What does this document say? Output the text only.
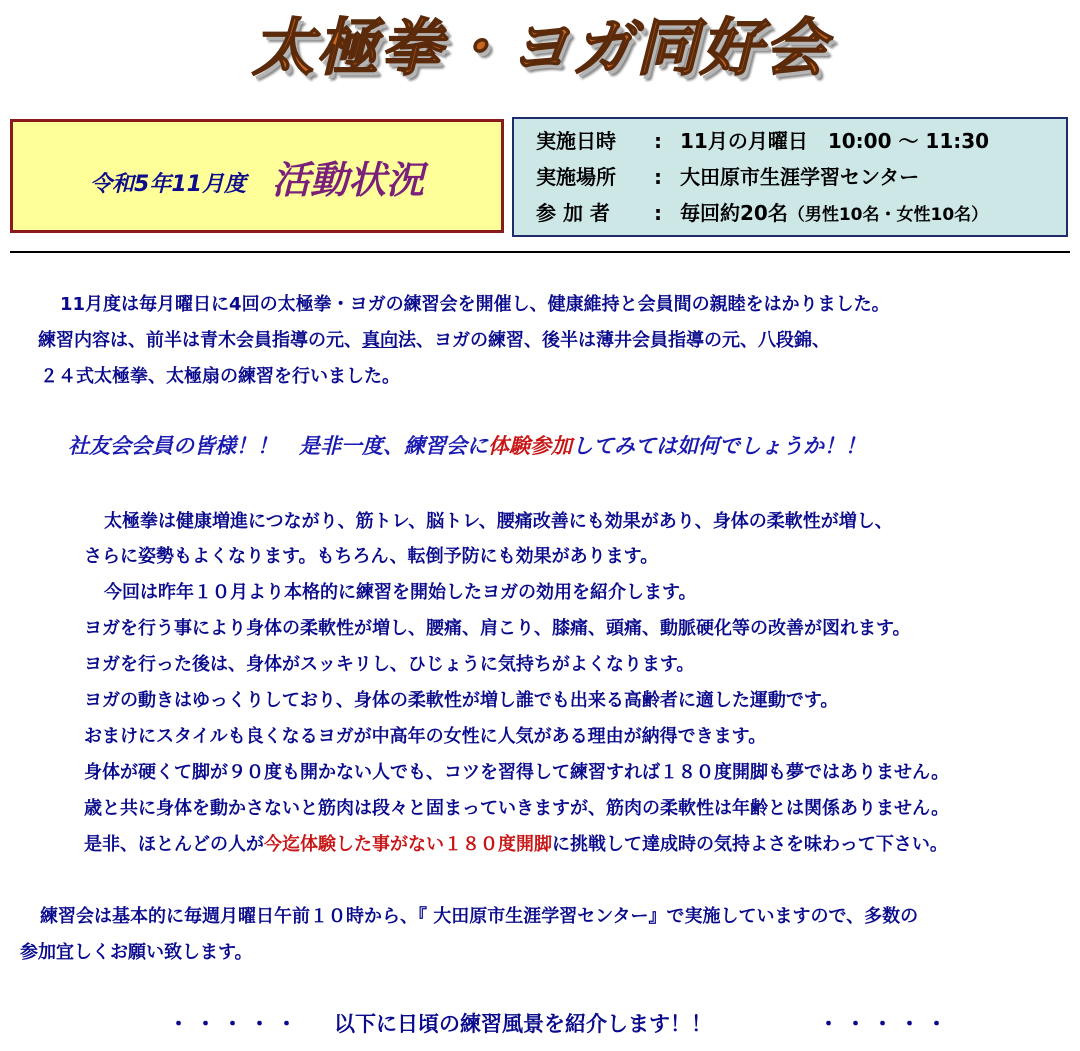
太極拳・ヨガ同好会
令和5年11月度 活動状況
実施日時	: 11月の月曜日　10:00 ～ 11:30
実施場所	: 大田原市生涯学習センター
参 加 者	: 毎回約20名（男性10名・女性10名）
11月度は毎月曜日に4回の太極拳・ヨガの練習会を開催し、健康維持と会員間の親睦をはかりました。
練習内容は、前半は青木会員指導の元、真向法、ヨガの練習、後半は薄井会員指導の元、八段錦、
２４式太極拳、太極扇の練習を行いました。
社友会会員の皆様！！　是非一度、練習会に体験参加してみては如何でしょうか！！
太極拳は健康増進につながり、筋トレ、脳トレ、腰痛改善にも効果があり、身体の柔軟性が増し、
さらに姿勢もよくなります。もちろん、転倒予防にも効果があります。
今回は昨年１０月より本格的に練習を開始したヨガの効用を紹介します。
ヨガを行う事により身体の柔軟性が増し、腰痛、肩こり、膝痛、頭痛、動脈硬化等の改善が図れます。
ヨガを行った後は、身体がスッキリし、ひじょうに気持ちがよくなります。
ヨガの動きはゆっくりしており、身体の柔軟性が増し誰でも出来る高齢者に適した運動です。
おまけにスタイルも良くなるヨガが中高年の女性に人気がある理由が納得できます。
身体が硬くて脚が９０度も開かない人でも、コツを習得して練習すれば１８０度開脚も夢ではありません。
歳と共に身体を動かさないと筋肉は段々と固まっていきますが、筋肉の柔軟性は年齢とは関係ありません。
是非、ほとんどの人が今迄体験した事がない１８０度開脚に挑戦して達成時の気持よさを味わって下さい。
練習会は基本的に毎週月曜日午前１０時から、『 大田原市生涯学習センター』で実施していますので、多数の
参加宜しくお願い致します。
・・・・・ 以下に日頃の練習風景を紹介します！！	・・・・・
